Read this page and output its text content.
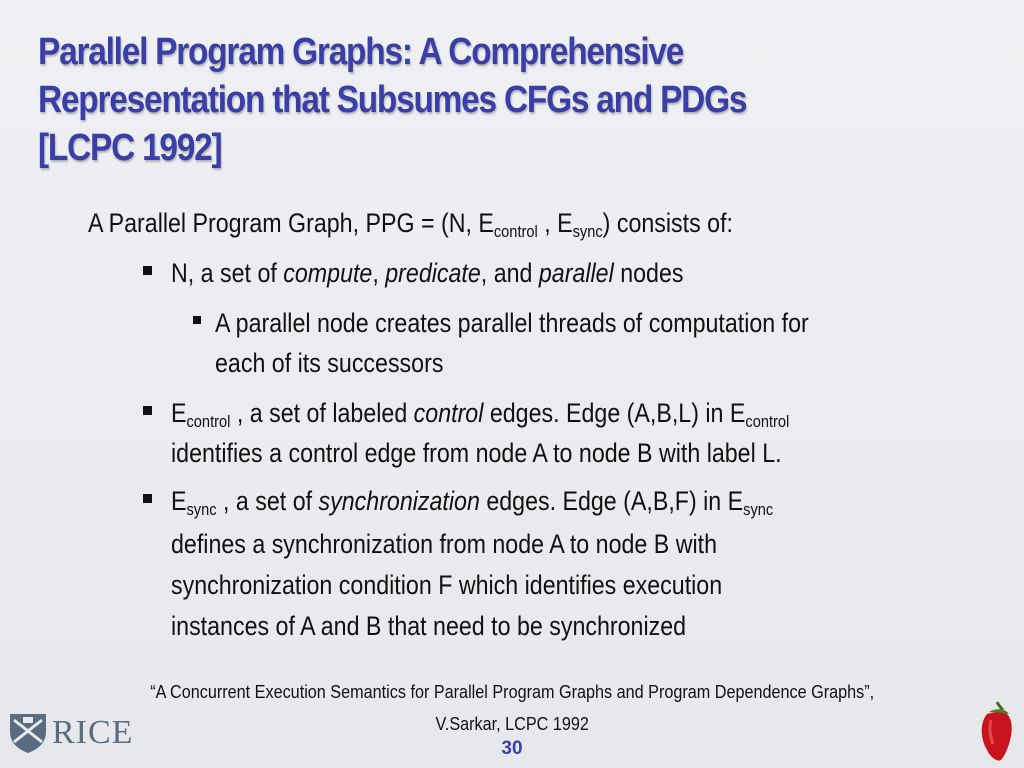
Parallel Program Graphs: A Comprehensive
Representation that Subsumes CFGs and PDGs
[LCPC 1992]
A Parallel Program Graph, PPG = (N, $E_{control}$ , $E_{sync}$) consists of:
N, a set of compute, predicate, and parallel nodes
A parallel node creates parallel threads of computation for
each of its successors
$E_{control}$ , a set of labeled control edges. Edge (A,B,L) in $E_{control}$
identifies a control edge from node A to node B with label L.
$E_{sync}$ , a set of synchronization edges. Edge (A,B,F) in $E_{sync}$
defines a synchronization from node A to node B with
synchronization condition F which identifies execution
instances of A and B that need to be synchronized
“A Concurrent Execution Semantics for Parallel Program Graphs and Program Dependence Graphs”,
V.Sarkar, LCPC 1992
30
RICE
